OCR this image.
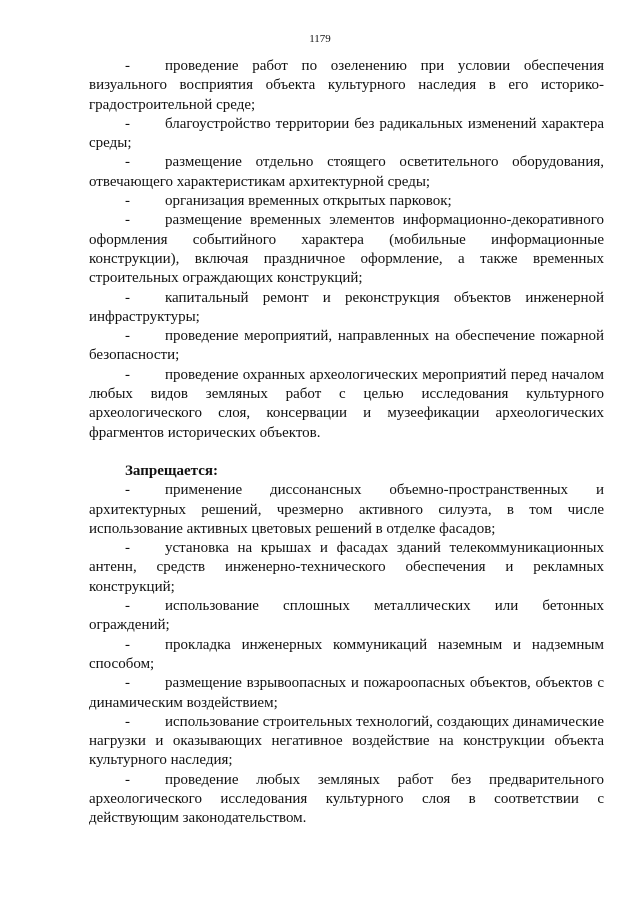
1179

- проведение работ по озеленению при условии обеспечения визуального восприятия объекта культурного наследия в его историко-градостроительной среде;

- благоустройство территории без радикальных изменений характера среды;

- размещение отдельно стоящего осветительного оборудования, отвечающего характеристикам архитектурной среды;

- организация временных открытых парковок;

- размещение временных элементов информационно-декоративного оформления событийного характера (мобильные информационные конструкции), включая праздничное оформление, а также временных строительных ограждающих конструкций;

- капитальный ремонт и реконструкция объектов инженерной инфраструктуры;

- проведение мероприятий, направленных на обеспечение пожарной безопасности;

- проведение охранных археологических мероприятий перед началом любых видов земляных работ с целью исследования культурного археологического слоя, консервации и музеефикации археологических фрагментов исторических объектов.

Запрещается:

- применение диссонансных объемно-пространственных и архитектурных решений, чрезмерно активного силуэта, в том числе использование активных цветовых решений в отделке фасадов;

- установка на крышах и фасадах зданий телекоммуникационных антенн, средств инженерно-технического обеспечения и рекламных конструкций;

- использование сплошных металлических или бетонных ограждений;

- прокладка инженерных коммуникаций наземным и надземным способом;

- размещение взрывоопасных и пожароопасных объектов, объектов с динамическим воздействием;

- использование строительных технологий, создающих динамические нагрузки и оказывающих негативное воздействие на конструкции объекта культурного наследия;

- проведение любых земляных работ без предварительного археологического исследования культурного слоя в соответствии с действующим законодательством.
